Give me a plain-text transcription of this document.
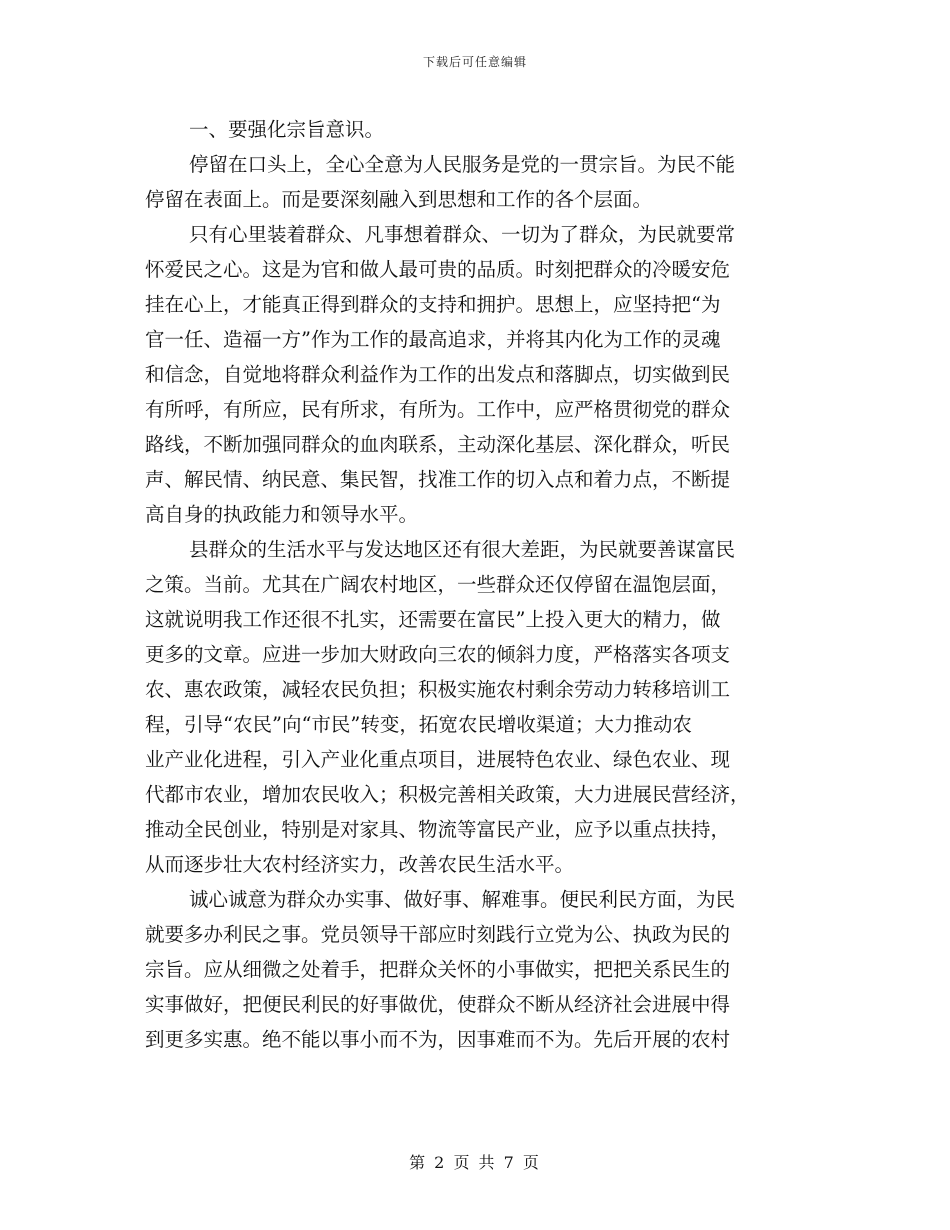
下载后可任意编辑

一、要强化宗旨意识。

停留在口头上，全心全意为人民服务是党的一贯宗旨。为民不能
停留在表面上。而是要深刻融入到思想和工作的各个层面。

只有心里装着群众、凡事想着群众、一切为了群众，为民就要常
怀爱民之心。这是为官和做人最可贵的品质。时刻把群众的冷暖安危
挂在心上，才能真正得到群众的支持和拥护。思想上，应坚持把“为
官一任、造福一方”作为工作的最高追求，并将其内化为工作的灵魂
和信念，自觉地将群众利益作为工作的出发点和落脚点，切实做到民
有所呼，有所应，民有所求，有所为。工作中，应严格贯彻党的群众
路线，不断加强同群众的血肉联系，主动深化基层、深化群众，听民
声、解民情、纳民意、集民智，找准工作的切入点和着力点，不断提
高自身的执政能力和领导水平。

县群众的生活水平与发达地区还有很大差距，为民就要善谋富民
之策。当前。尤其在广阔农村地区，一些群众还仅停留在温饱层面，
这就说明我工作还很不扎实，还需要在富民”上投入更大的精力，做
更多的文章。应进一步加大财政向三农的倾斜力度，严格落实各项支
农、惠农政策，减轻农民负担；积极实施农村剩余劳动力转移培训工
程，引导“农民”向“市民”转变，拓宽农民增收渠道；大力推动农
业产业化进程，引入产业化重点项目，进展特色农业、绿色农业、现
代都市农业，增加农民收入；积极完善相关政策，大力进展民营经济，
推动全民创业，特别是对家具、物流等富民产业，应予以重点扶持，
从而逐步壮大农村经济实力，改善农民生活水平。

诚心诚意为群众办实事、做好事、解难事。便民利民方面，为民
就要多办利民之事。党员领导干部应时刻践行立党为公、执政为民的
宗旨。应从细微之处着手，把群众关怀的小事做实，把把关系民生的
实事做好，把便民利民的好事做优，使群众不断从经济社会进展中得
到更多实惠。绝不能以事小而不为，因事难而不为。先后开展的农村

第 2 页 共 7 页
